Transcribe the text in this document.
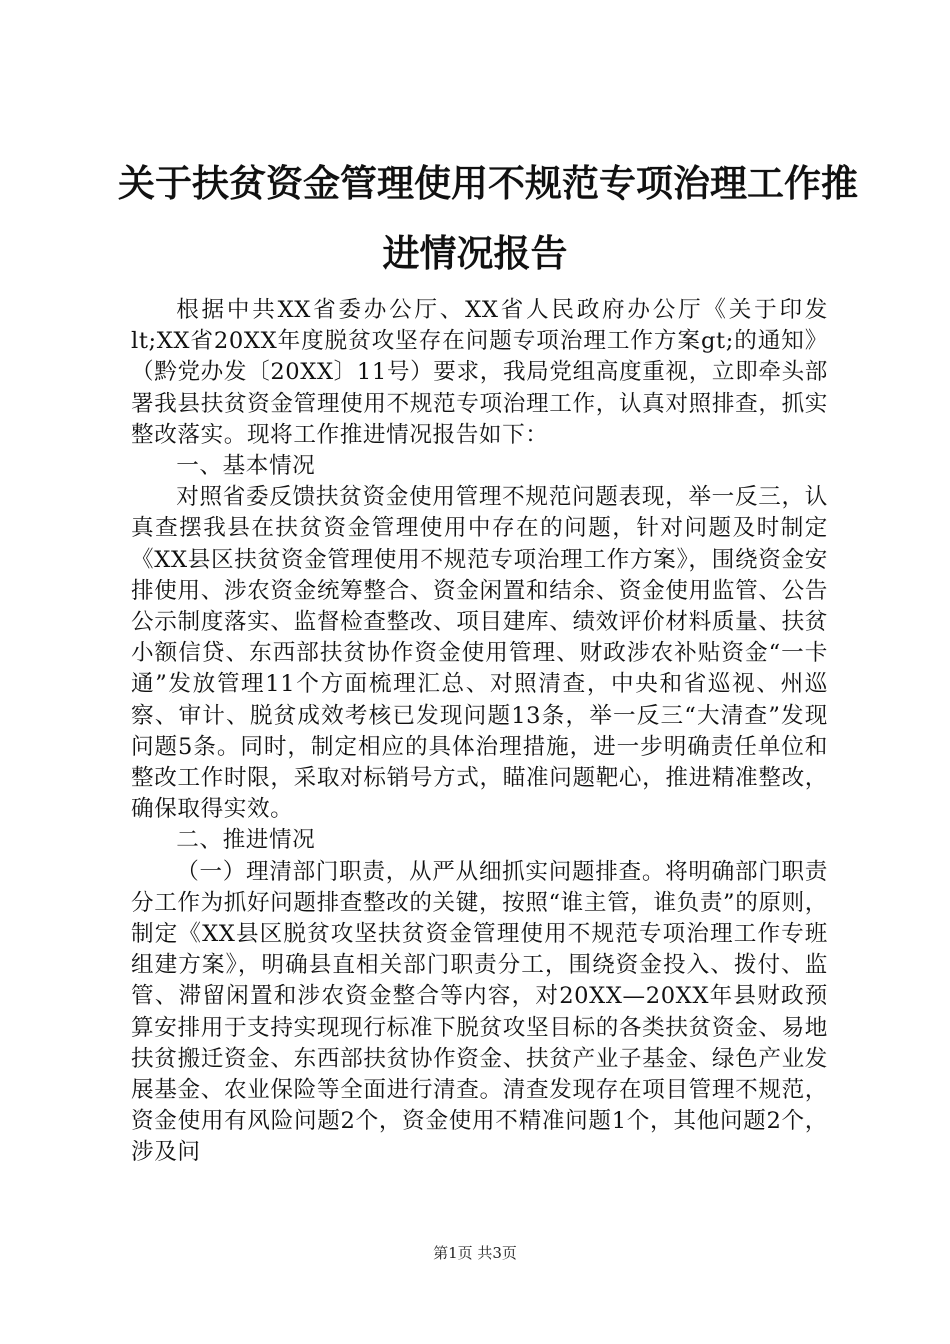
关于扶贫资金管理使用不规范专项治理工作推
进情况报告

根据中共XX省委办公厅、XX省人民政府办公厅《关于印发lt;XX省20XX年度脱贫攻坚存在问题专项治理工作方案gt;的通知》（黔党办发〔20XX〕11号）要求，我局党组高度重视，立即牵头部署我县扶贫资金管理使用不规范专项治理工作，认真对照排查，抓实整改落实。现将工作推进情况报告如下：

一、基本情况

对照省委反馈扶贫资金使用管理不规范问题表现，举一反三，认真查摆我县在扶贫资金管理使用中存在的问题，针对问题及时制定《XX县区扶贫资金管理使用不规范专项治理工作方案》，围绕资金安排使用、涉农资金统筹整合、资金闲置和结余、资金使用监管、公告公示制度落实、监督检查整改、项目建库、绩效评价材料质量、扶贫小额信贷、东西部扶贫协作资金使用管理、财政涉农补贴资金“一卡通”发放管理11个方面梳理汇总、对照清查，中央和省巡视、州巡察、审计、脱贫成效考核已发现问题13条，举一反三“大清查”发现问题5条。同时，制定相应的具体治理措施，进一步明确责任单位和整改工作时限，采取对标销号方式，瞄准问题靶心，推进精准整改，确保取得实效。

二、推进情况

（一）理清部门职责，从严从细抓实问题排查。将明确部门职责分工作为抓好问题排查整改的关键，按照“谁主管，谁负责”的原则，制定《XX县区脱贫攻坚扶贫资金管理使用不规范专项治理工作专班组建方案》，明确县直相关部门职责分工，围绕资金投入、拨付、监管、滞留闲置和涉农资金整合等内容，对20XX—20XX年县财政预算安排用于支持实现现行标准下脱贫攻坚目标的各类扶贫资金、易地扶贫搬迁资金、东西部扶贫协作资金、扶贫产业子基金、绿色产业发展基金、农业保险等全面进行清查。清查发现存在项目管理不规范，资金使用有风险问题2个，资金使用不精准问题1个，其他问题2个，涉及问

第1页 共3页
